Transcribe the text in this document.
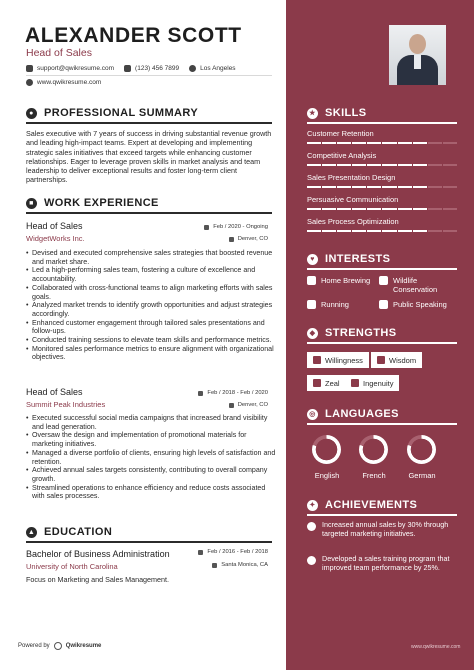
ALEXANDER SCOTT
Head of Sales
support@qwikresume.com	(123) 456 7899	Los Angeles
www.qwikresume.com
● PROFESSIONAL SUMMARY
Sales executive with 7 years of success in driving substantial revenue growth and leading high-impact teams. Expert at developing and implementing strategic sales initiatives that exceed targets while enhancing customer relationships. Eager to leverage proven skills in market analysis and team leadership to deliver exceptional results and foster long-term client partnerships.
■ WORK EXPERIENCE
Head of Sales
WidgetWorks Inc.
Feb / 2020 - Ongoing
Denver, CO
• Devised and executed comprehensive sales strategies that boosted revenue and market share.
• Led a high-performing sales team, fostering a culture of excellence and accountability.
• Collaborated with cross-functional teams to align marketing efforts with sales goals.
• Analyzed market trends to identify growth opportunities and adjust strategies accordingly.
• Enhanced customer engagement through tailored sales presentations and follow-ups.
• Conducted training sessions to elevate team skills and performance metrics.
• Monitored sales performance metrics to ensure alignment with organizational objectives.
Head of Sales
Summit Peak Industries
Feb / 2018 - Feb / 2020
Denver, CO
• Executed successful social media campaigns that increased brand visibility and lead generation.
• Oversaw the design and implementation of promotional materials for marketing initiatives.
• Managed a diverse portfolio of clients, ensuring high levels of satisfaction and retention.
• Achieved annual sales targets consistently, contributing to overall company growth.
• Streamlined operations to enhance efficiency and reduce costs associated with sales processes.
▲ EDUCATION
Bachelor of Business Administration
University of North Carolina
Feb / 2016 - Feb / 2018
Santa Monica, CA
Focus on Marketing and Sales Management.
Powered by	Qwikresume
★ SKILLS
Customer Retention
Competitive Analysis
Sales Presentation Design
Persuasive Communication
Sales Process Optimization
♥ INTERESTS
Home Brewing	Wildlife Conservation
Running	Public Speaking
◆ STRENGTHS
Willingness	Wisdom
Zeal	Ingenuity
◎ LANGUAGES
English	French	German
✦ ACHIEVEMENTS
Increased annual sales by 30% through targeted marketing initiatives.
Developed a sales training program that improved team performance by 25%.
www.qwikresume.com
